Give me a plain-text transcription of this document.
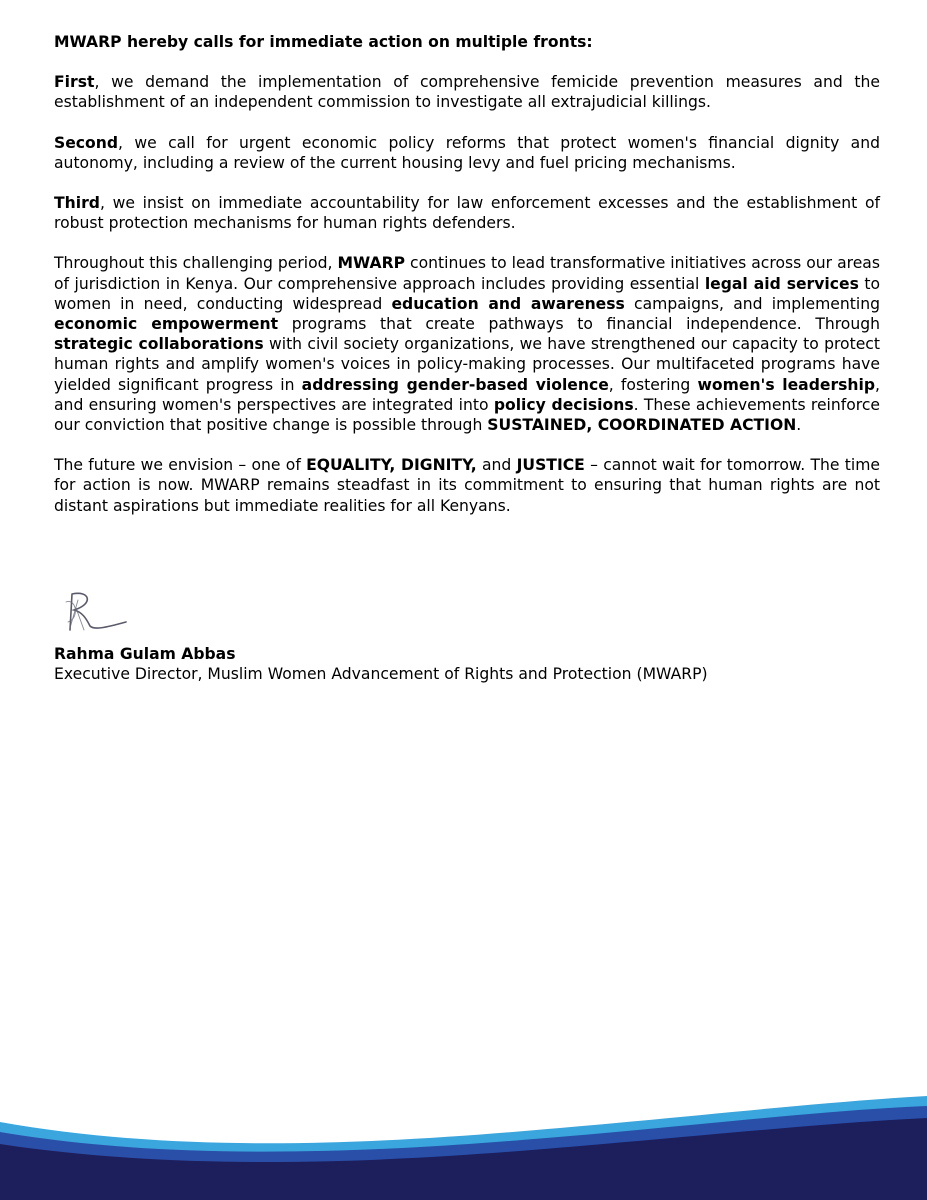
MWARP hereby calls for immediate action on multiple fronts:

First, we demand the implementation of comprehensive femicide prevention measures and the establishment of an independent commission to investigate all extrajudicial killings.

Second, we call for urgent economic policy reforms that protect women's financial dignity and autonomy, including a review of the current housing levy and fuel pricing mechanisms.

Third, we insist on immediate accountability for law enforcement excesses and the establishment of robust protection mechanisms for human rights defenders.

Throughout this challenging period, MWARP continues to lead transformative initiatives across our areas of jurisdiction in Kenya. Our comprehensive approach includes providing essential legal aid services to women in need, conducting widespread education and awareness campaigns, and implementing economic empowerment programs that create pathways to financial independence. Through strategic collaborations with civil society organizations, we have strengthened our capacity to protect human rights and amplify women's voices in policy-making processes. Our multifaceted programs have yielded significant progress in addressing gender-based violence, fostering women's leadership, and ensuring women's perspectives are integrated into policy decisions. These achievements reinforce our conviction that positive change is possible through SUSTAINED, COORDINATED ACTION.

The future we envision – one of EQUALITY, DIGNITY, and JUSTICE – cannot wait for tomorrow. The time for action is now. MWARP remains steadfast in its commitment to ensuring that human rights are not distant aspirations but immediate realities for all Kenyans.

Rahma Gulam Abbas
Executive Director, Muslim Women Advancement of Rights and Protection (MWARP)
